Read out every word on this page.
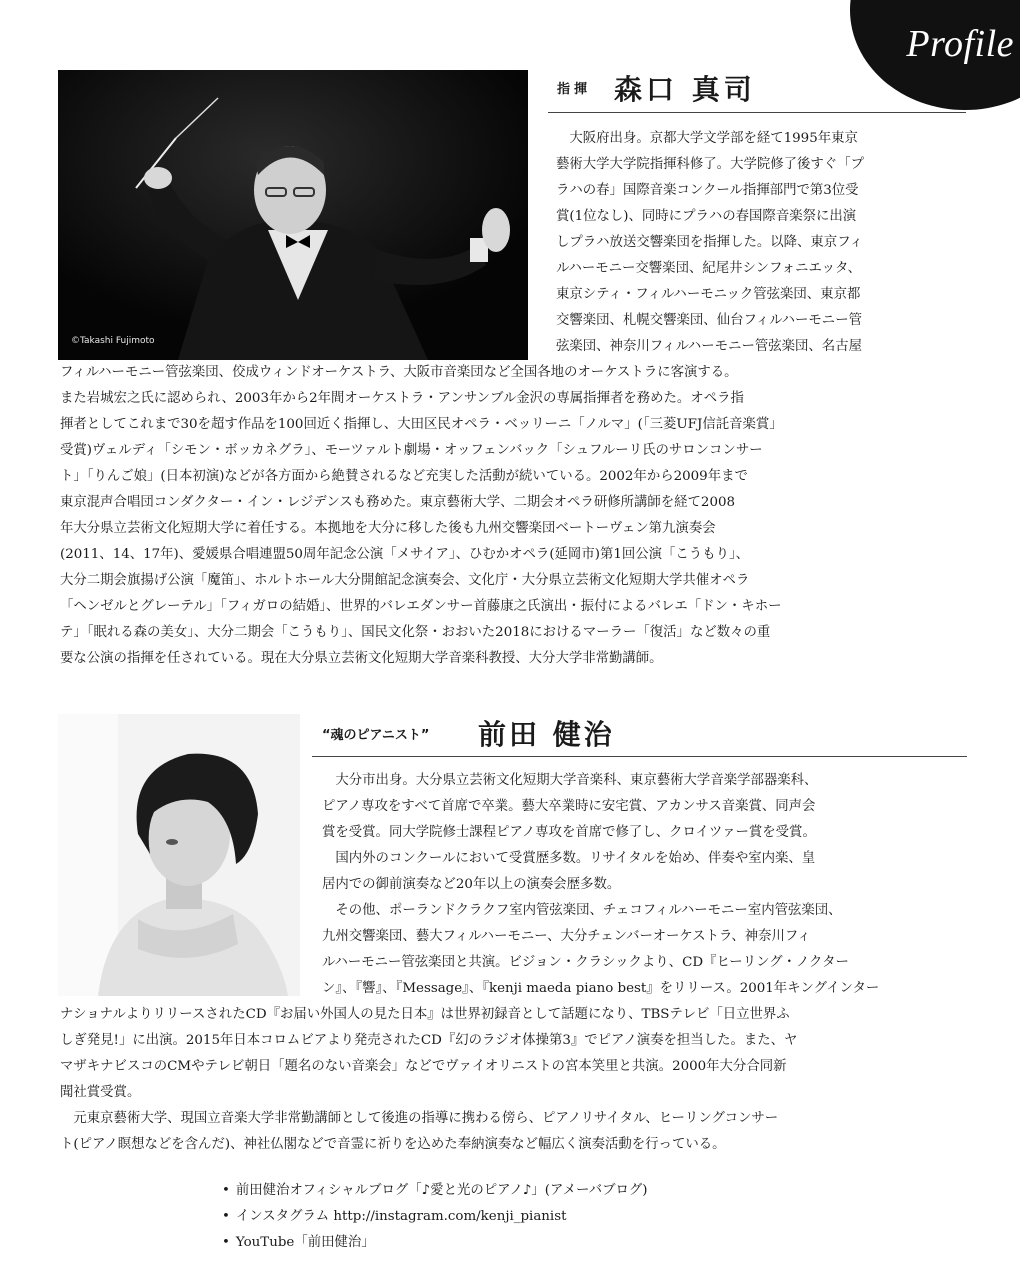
Profile
©Takashi Fujimoto
指揮 森口 真司
　大阪府出身。京都大学文学部を経て1995年東京
藝術大学大学院指揮科修了。大学院修了後すぐ「プ
ラハの春」国際音楽コンクール指揮部門で第3位受
賞(1位なし)、同時にプラハの春国際音楽祭に出演
しプラハ放送交響楽団を指揮した。以降、東京フィ
ルハーモニー交響楽団、紀尾井シンフォニエッタ、
東京シティ・フィルハーモニック管弦楽団、東京都
交響楽団、札幌交響楽団、仙台フィルハーモニー管
弦楽団、神奈川フィルハーモニー管弦楽団、名古屋
フィルハーモニー管弦楽団、佼成ウィンドオーケストラ、大阪市音楽団など全国各地のオーケストラに客演する。
また岩城宏之氏に認められ、2003年から2年間オーケストラ・アンサンブル金沢の専属指揮者を務めた。オペラ指
揮者としてこれまで30を超す作品を100回近く指揮し、大田区民オペラ・ベッリーニ「ノルマ」(「三菱UFJ信託音楽賞」
受賞)ヴェルディ「シモン・ボッカネグラ」、モーツァルト劇場・オッフェンバック「シュフルーリ氏のサロンコンサー
ト」「りんご娘」(日本初演)などが各方面から絶賛されるなど充実した活動が続いている。2002年から2009年まで
東京混声合唱団コンダクター・イン・レジデンスも務めた。東京藝術大学、二期会オペラ研修所講師を経て2008
年大分県立芸術文化短期大学に着任する。本拠地を大分に移した後も九州交響楽団ベートーヴェン第九演奏会
(2011、14、17年)、愛媛県合唱連盟50周年記念公演「メサイア」、ひむかオペラ(延岡市)第1回公演「こうもり」、
大分二期会旗揚げ公演「魔笛」、ホルトホール大分開館記念演奏会、文化庁・大分県立芸術文化短期大学共催オペラ
「ヘンゼルとグレーテル」「フィガロの結婚」、世界的バレエダンサー首藤康之氏演出・振付によるバレエ「ドン・キホー
テ」「眠れる森の美女」、大分二期会「こうもり」、国民文化祭・おおいた2018におけるマーラー「復活」など数々の重
要な公演の指揮を任されている。現在大分県立芸術文化短期大学音楽科教授、大分大学非常勤講師。
“魂のピアニスト” 前田 健治
　大分市出身。大分県立芸術文化短期大学音楽科、東京藝術大学音楽学部器楽科、
ピアノ専攻をすべて首席で卒業。藝大卒業時に安宅賞、アカンサス音楽賞、同声会
賞を受賞。同大学院修士課程ピアノ専攻を首席で修了し、クロイツァー賞を受賞。
　国内外のコンクールにおいて受賞歴多数。リサイタルを始め、伴奏や室内楽、皇
居内での御前演奏など20年以上の演奏会歴多数。
　その他、ポーランドクラクフ室内管弦楽団、チェコフィルハーモニー室内管弦楽団、
九州交響楽団、藝大フィルハーモニー、大分チェンバーオーケストラ、神奈川フィ
ルハーモニー管弦楽団と共演。ビジョン・クラシックより、CD『ヒーリング・ノクター
ン』、『響』、『Message』、『kenji maeda piano best』をリリース。2001年キングインター
ナショナルよりリリースされたCD『お届い外国人の見た日本』は世界初録音として話題になり、TBSテレビ「日立世界ふ
しぎ発見!」に出演。2015年日本コロムビアより発売されたCD『幻のラジオ体操第3』でピアノ演奏を担当した。また、ヤ
マザキナビスコのCMやテレビ朝日「題名のない音楽会」などでヴァイオリニストの宮本笑里と共演。2000年大分合同新
聞社賞受賞。
　元東京藝術大学、現国立音楽大学非常勤講師として後進の指導に携わる傍ら、ピアノリサイタル、ヒーリングコンサー
ト(ピアノ瞑想などを含んだ)、神社仏閣などで音霊に祈りを込めた奉納演奏など幅広く演奏活動を行っている。
• 前田健治オフィシャルブログ「♪愛と光のピアノ♪」(アメーバブログ)
• インスタグラム http://instagram.com/kenji_pianist
• YouTube「前田健治」
